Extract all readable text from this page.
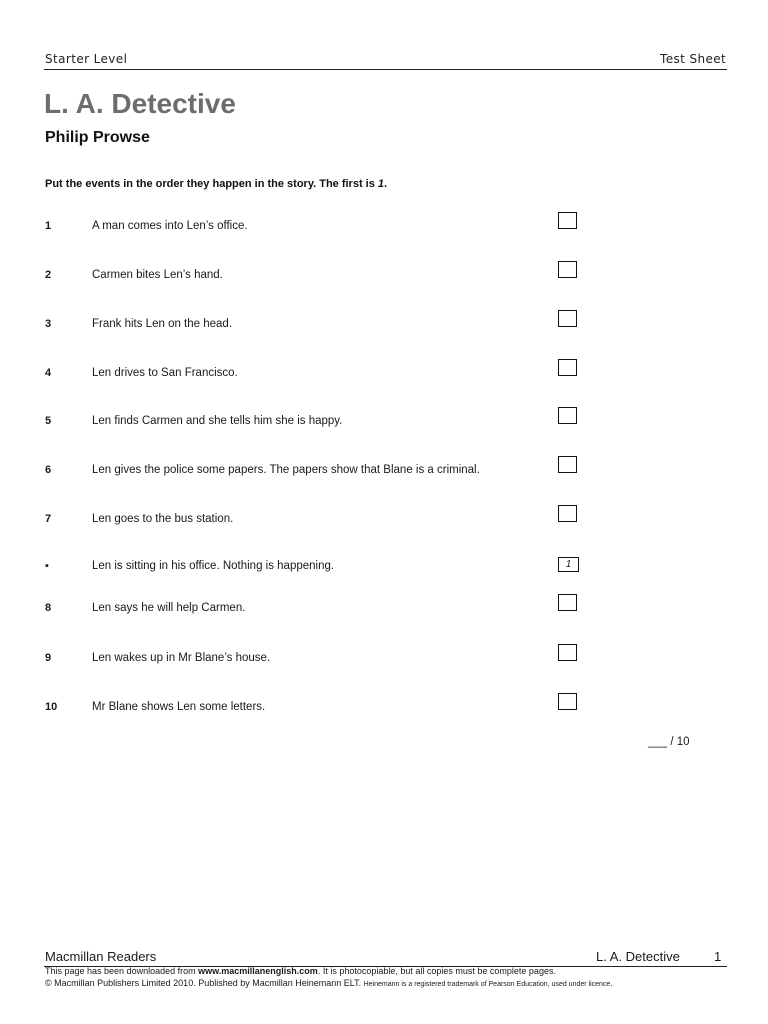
Starter Level	Test Sheet
L. A. Detective
Philip Prowse
Put the events in the order they happen in the story. The first is 1.
1	A man comes into Len’s office.
2	Carmen bites Len’s hand.
3	Frank hits Len on the head.
4	Len drives to San Francisco.
5	Len finds Carmen and she tells him she is happy.
6	Len gives the police some papers. The papers show that Blane is a criminal.
7	Len goes to the bus station.
▪	Len is sitting in his office. Nothing is happening.	1
8	Len says he will help Carmen.
9	Len wakes up in Mr Blane’s house.
10	Mr Blane shows Len some letters.
___ / 10
Macmillan Readers	L. A. Detective	1
This page has been downloaded from www.macmillanenglish.com. It is photocopiable, but all copies must be complete pages.
© Macmillan Publishers Limited 2010. Published by Macmillan Heinemann ELT. Heinemann is a registered trademark of Pearson Education, used under licence.
